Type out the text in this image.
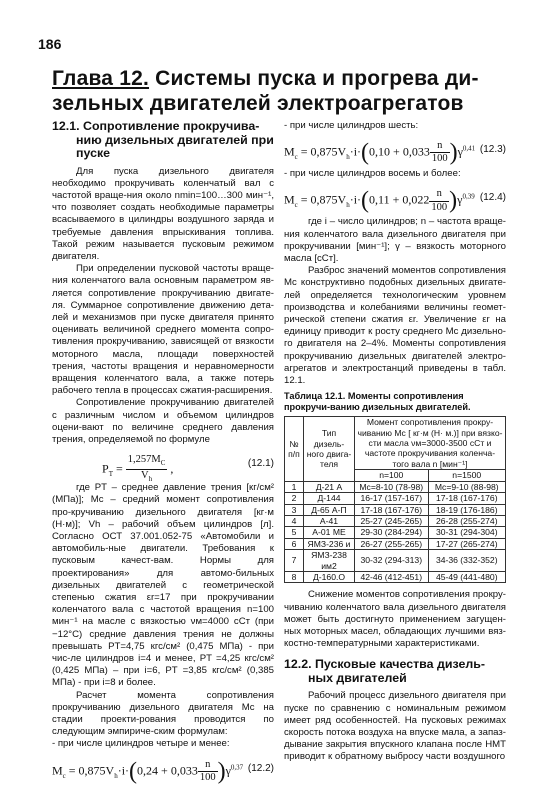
186
Глава 12. Системы пуска и прогрева ди-зельных двигателей электроагрегатов
12.1. Сопротивление прокручива-нию дизельных двигателей при пуске

Для пуска дизельного двигателя необходимо прокручивать коленчатый вал с частотой враще-ния около nmin=100…300 мин⁻¹, что позволяет создать необходимые параметры всасываемого в цилиндры воздушного заряда и требуемые давления впрыскивания топлива. Такой режим называется пусковым режимом двигателя.

При определении пусковой частоты враще-ния коленчатого вала основным параметром яв-ляется сопротивление прокручиванию двигате-ля. Суммарное сопротивление движению дета-лей и механизмов при пуске двигателя принято оценивать величиной среднего момента сопро-тивления прокручиванию, зависящей от вязкости моторного масла, площади поверхностей трения, частоты вращения и неравномерности вращения коленчатого вала, а также потерь рабочего тепла в процессах сжатия-расширения.

Сопротивление прокручиванию двигателей с различным числом и объемом цилиндров оцени-вают по величине среднего давления трения, определяемой по формуле

$P_T = \frac{1,257M_C}{V_h}$ ,	(12.1)

где PT – среднее давление трения [кг/см² (МПа)]; Mc – средний момент сопротивления про-кручиванию дизельного двигателя [кг·м (Н·м)]; Vh – рабочий объем цилиндров [л]. Согласно ОСТ 37.001.052-75 «Автомобили и автомобиль-ные двигатели. Требования к пусковым качест-вам. Нормы для проектирования» для автомо-бильных дизельных двигателей с геометрической степенью сжатия εr=17 при прокручивании коленчатого вала с частотой вращения n=100 мин⁻¹ на масле с вязкостью νм=4000 сСт (при −12°С) средние давления трения не должны превышать PT=4,75 кгс/см² (0,475 МПа) - при чис-ле цилиндров i=4 и менее, PT =4,25 кгс/см² (0,425 МПа) – при i=6, PT =3,85 кгс/см² (0,385 МПа) - при i=8 и более.

Расчет момента сопротивления прокручиванию дизельного двигателя Mc на стадии проекти-рования проводится по следующим эмпириче-ским формулам:

- при числе цилиндров четыре и менее:

$M_c = 0,875V_h\cdot i\cdot(0,24 + 0,033 \frac{n}{100} )\gamma^{0,37}$ (12.2)

- при числе цилиндров шесть:

$M_c = 0,875V_h\cdot i\cdot(0,10 + 0,033 \frac{n}{100} )\gamma^{0,41}$ (12.3)

- при числе цилиндров восемь и более:

$M_c = 0,875V_h\cdot i\cdot(0,11 + 0,022 \frac{n}{100} )\gamma^{0,39}$ (12.4)

где i – число цилиндров; n – частота враще-ния коленчатого вала дизельного двигателя при прокручивании [мин⁻¹]; γ – вязкость моторного масла [сСт].

Разброс значений моментов сопротивления Mc конструктивно подобных дизельных двигате-лей определяется технологическим уровнем производства и колебаниями величины геомет-рической степени сжатия εr. Увеличение εr на единицу приводит к росту среднего Mc дизельно-го двигателя на 2–4%. Моменты сопротивления прокручиванию дизельных двигателей электро-агрегатов и электростанций приведены в табл. 12.1.

Таблица 12.1. Моменты сопротивления прокручи-ванию дизельных двигателей.
№ п/п	Тип дизель-ного двига-теля	Момент сопротивления прокру-чиванию Mc [ кг·м (Н· м.)] при вязко-сти масла νм=3000-3500 сСт и частоте прокручивания коленча-того вала n [мин⁻¹]	
		n=100	n=1500
1	Д-21 А	Mc=8-10 (78-98)	Mc=9-10 (88-98)
2	Д-144	16-17 (157-167)	17-18 (167-176)
3	Д-65 А-П	17-18 (167-176)	18-19 (176-186)
4	А-41	25-27 (245-265)	26-28 (255-274)
5	А-01 МЕ	29-30 (284-294)	30-31 (294-304)
6	ЯМЗ-236 и	26-27 (255-265)	17-27 (265-274)
7	ЯМЗ-238 им2	30-32 (294-313)	34-36 (332-352)
8	Д-160.О	42-46 (412-451)	45-49 (441-480)

Снижение моментов сопротивления прокру-чиванию коленчатого вала дизельного двигателя может быть достигнуто применением загущен-ных моторных масел, обладающих лучшими вяз-костно-температурными характеристиками.

12.2. Пусковые качества дизель-ных двигателей

Рабочий процесс дизельного двигателя при пуске по сравнению с номинальным режимом имеет ряд особенностей. На пусковых режимах скорость потока воздуха на впуске мала, а запаз-дывание закрытия впускного клапана после НМТ приводит к обратному выбросу части воздушного
